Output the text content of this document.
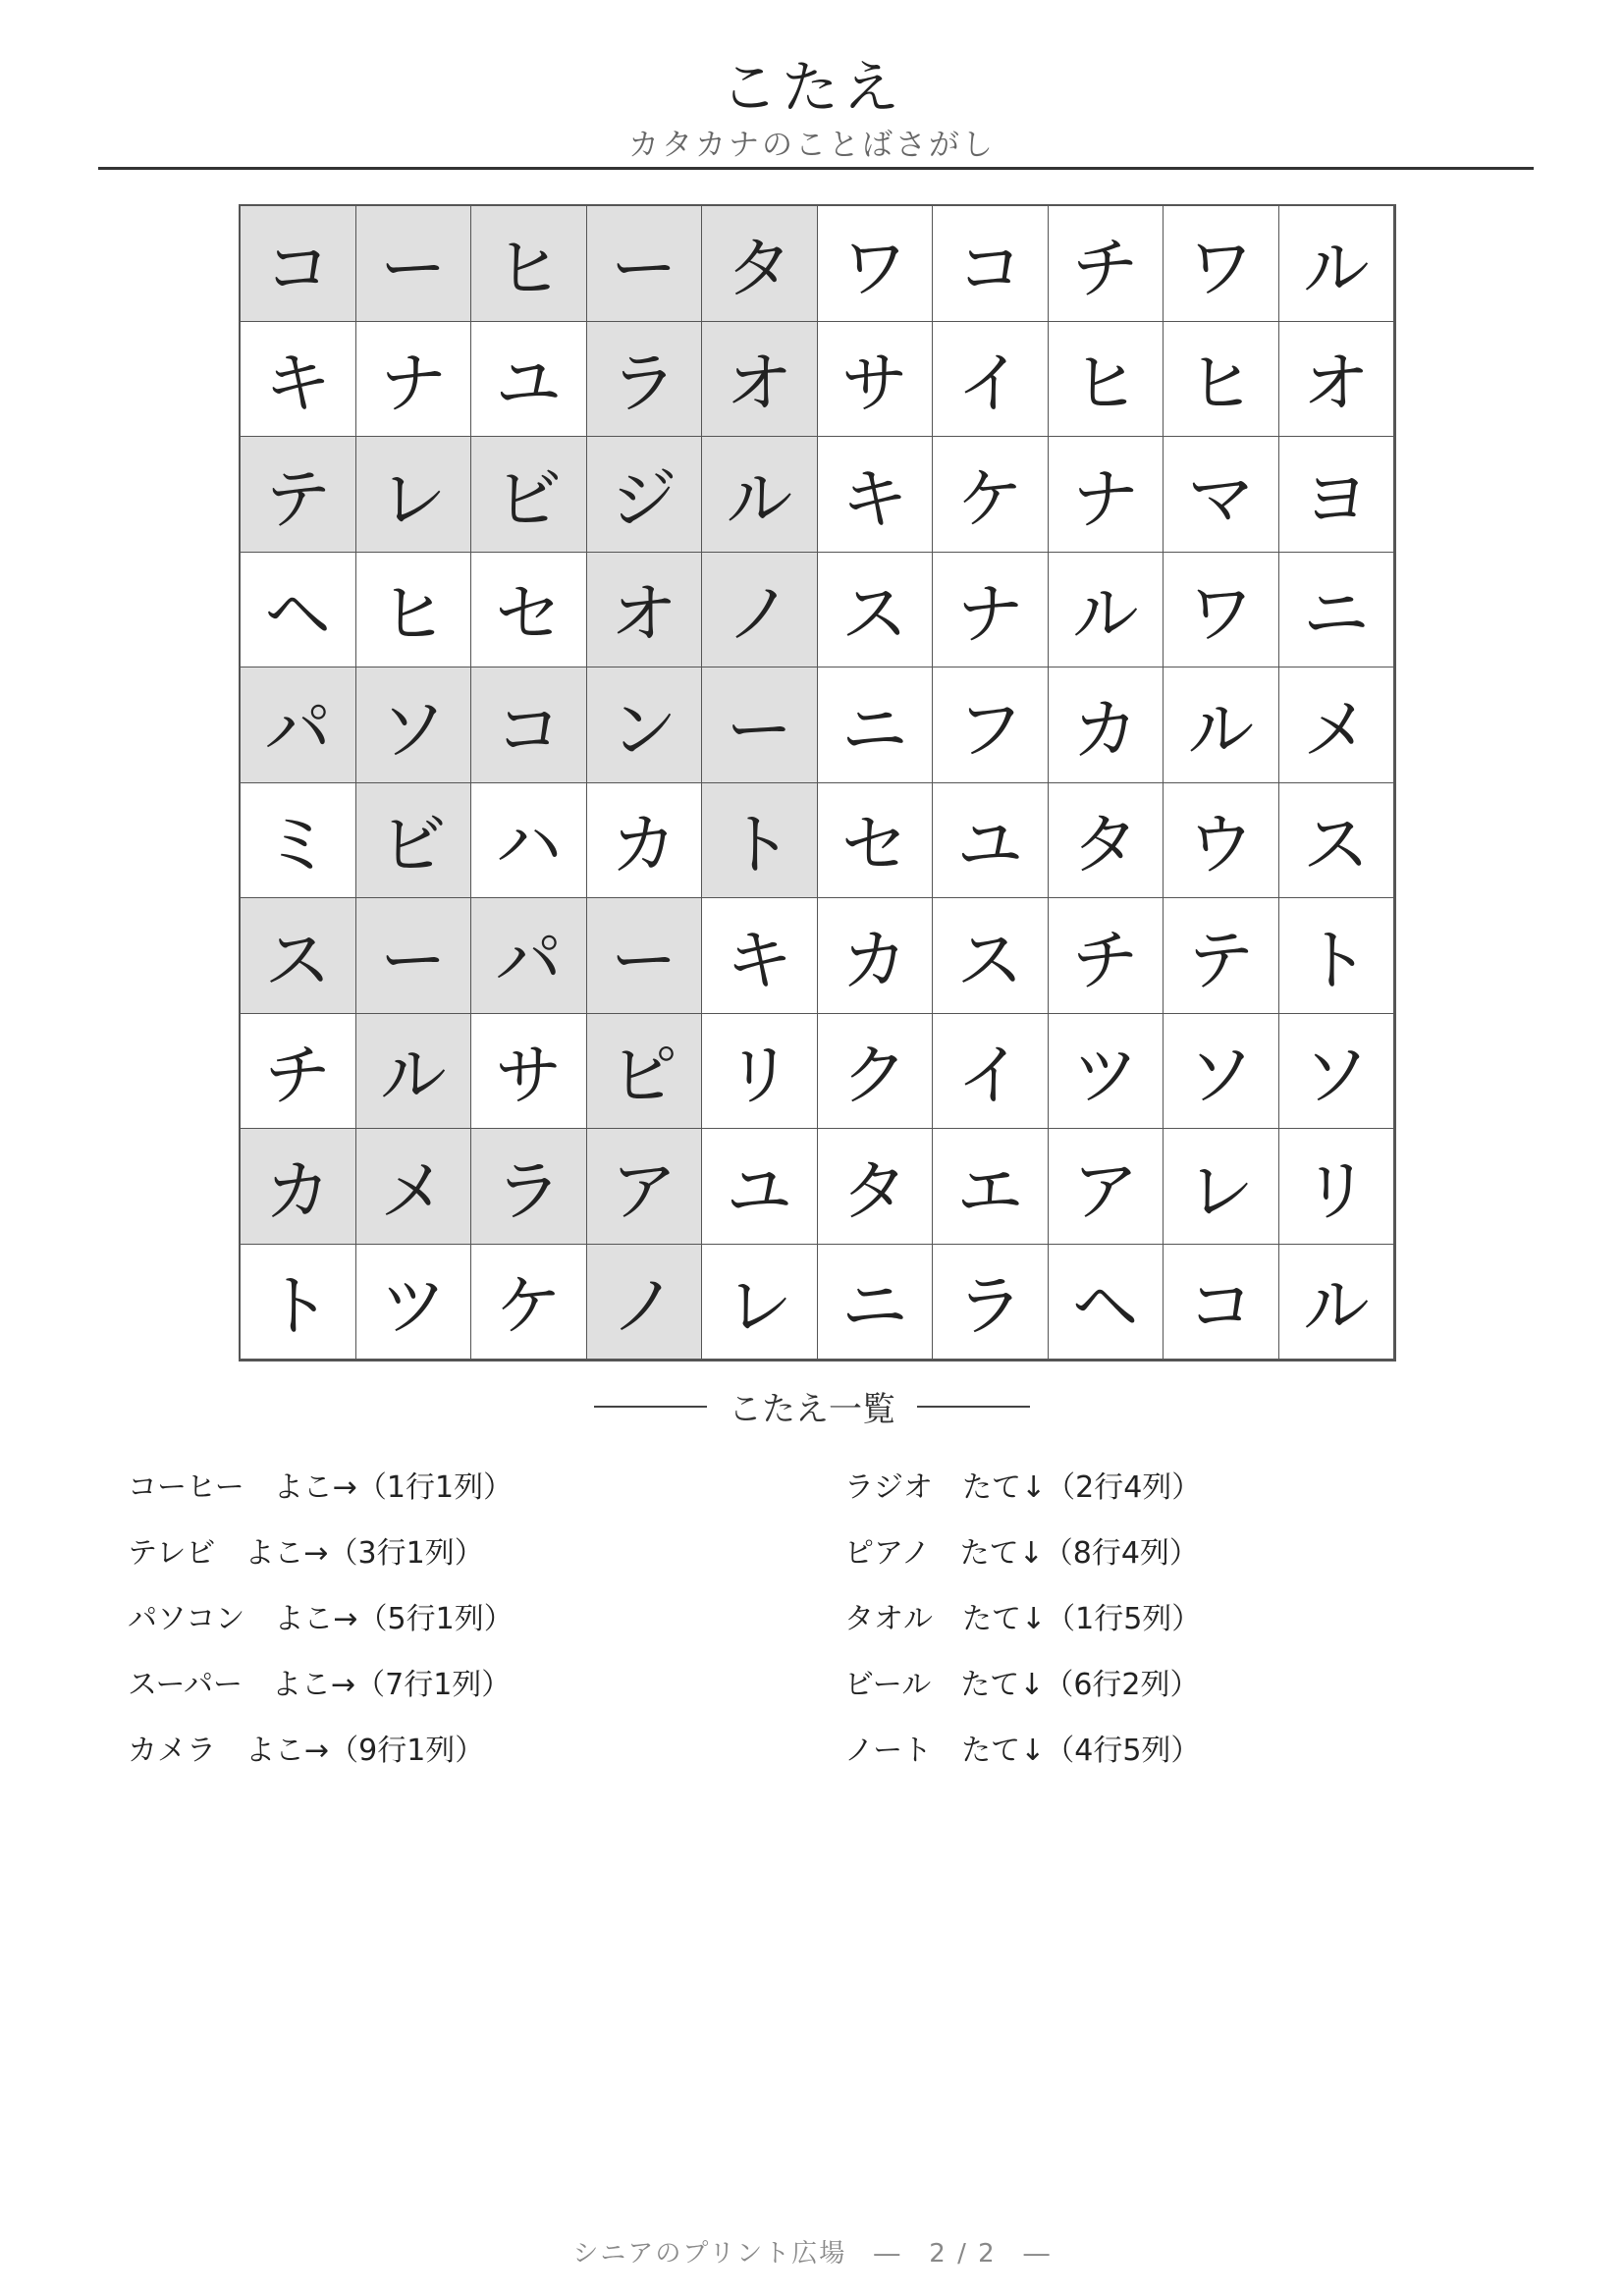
こたえ
カタカナのことばさがし
コ ー ヒ ー タ ワ コ チ ワ ル
キ ナ ユ ラ オ サ イ ヒ ヒ オ
テ レ ビ ジ ル キ ケ ナ マ ヨ
ヘ ヒ セ オ ノ ス ナ ル ワ ニ
パ ソ コ ン ー ニ フ カ ル メ
ミ ビ ハ カ ト セ ユ タ ウ ス
ス ー パ ー キ カ ス チ テ ト
チ ル サ ピ リ ク イ ツ ソ ソ
カ メ ラ ア ユ タ エ ア レ リ
ト ツ ケ ノ レ ニ ラ ヘ コ ル
こたえ一覧
コーヒー　よこ→（1行1列）
テレビ　よこ→（3行1列）
パソコン　よこ→（5行1列）
スーパー　よこ→（7行1列）
カメラ　よこ→（9行1列）
ラジオ　たて↓（2行4列）
ピアノ　たて↓（8行4列）
タオル　たて↓（1行5列）
ビール　たて↓（6行2列）
ノート　たて↓（4行5列）
シニアのプリント広場　―　2 / 2　―
